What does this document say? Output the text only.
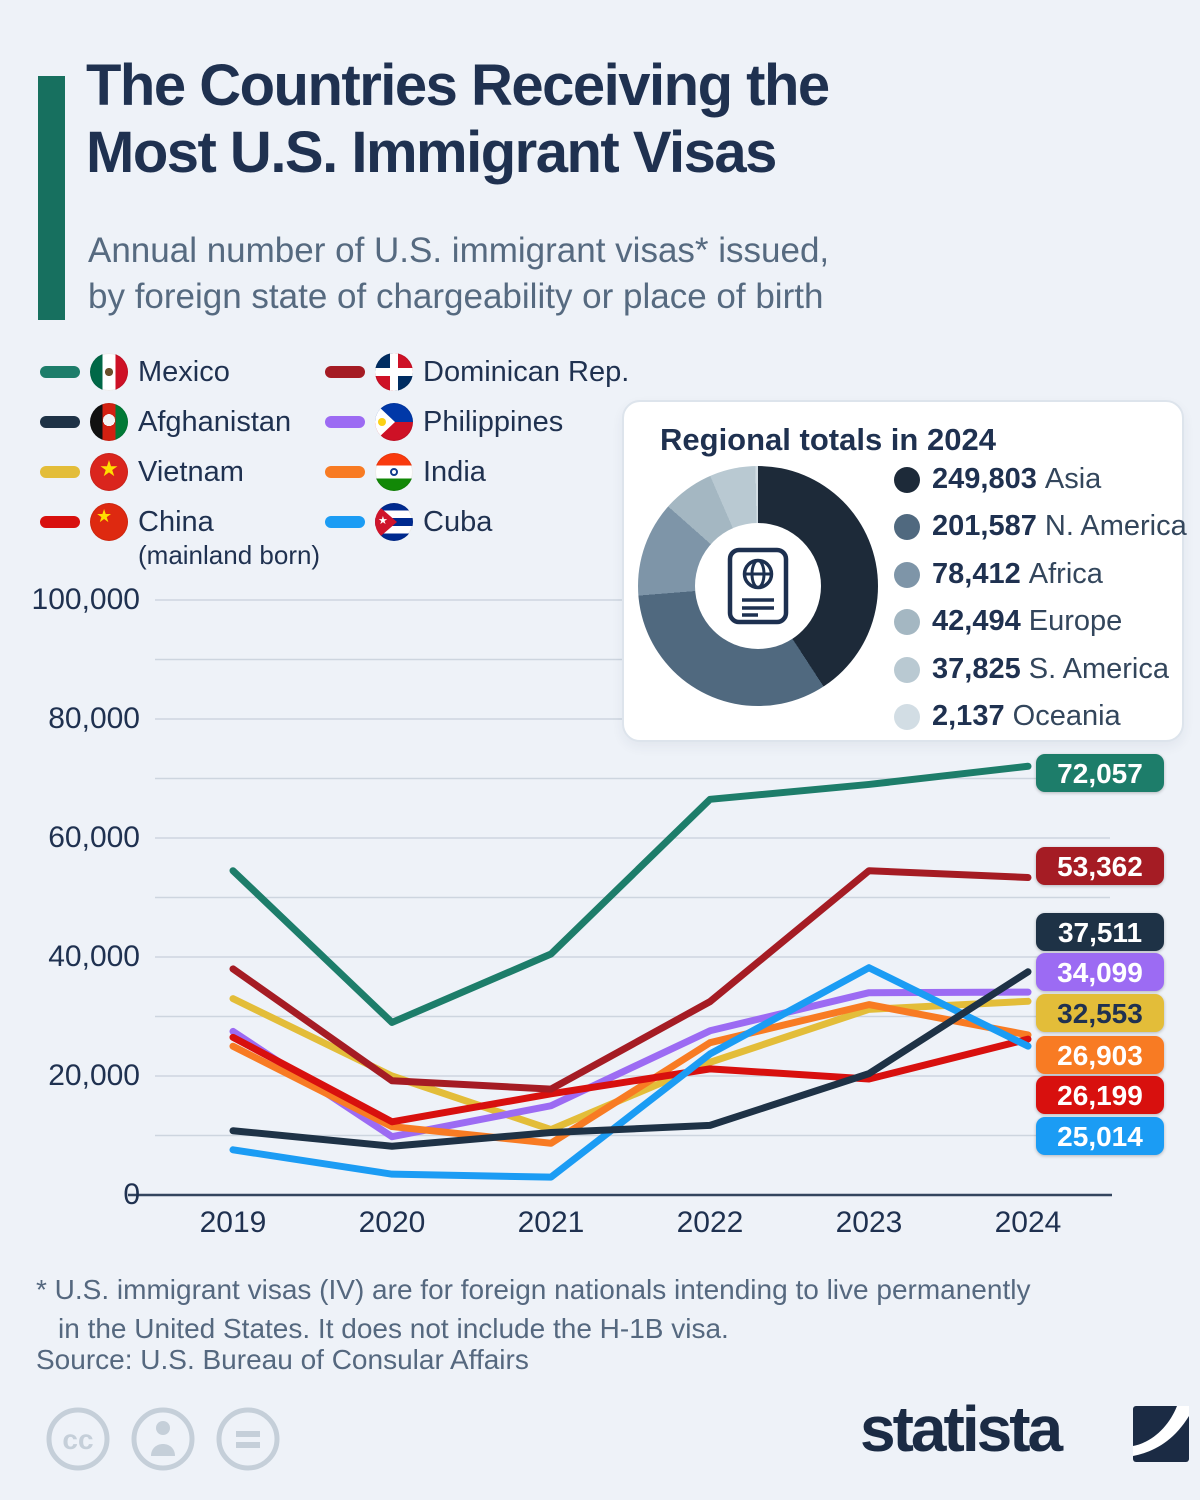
The Countries Receiving the
Most U.S. Immigrant Visas
Annual number of U.S. immigrant visas* issued,
by foreign state of chargeability or place of birth
Mexico
Afghanistan
★
Vietnam
★
China
(mainland born)
Dominican Rep.
Philippines
India
★
Cuba
100,000
80,000
60,000
40,000
20,000
0
2019	2020	2021	2022	2023	2024
72,057
53,362
37,511
34,099
32,553
26,903
26,199
25,014
Regional totals in 2024
249,803 Asia
201,587 N. America
78,412 Africa
42,494 Europe
37,825 S. America
2,137 Oceania
* U.S. immigrant visas (IV) are for foreign nationals intending to live permanently
in the United States. It does not include the H-1B visa.
Source: U.S. Bureau of Consular Affairs
cc	statista
